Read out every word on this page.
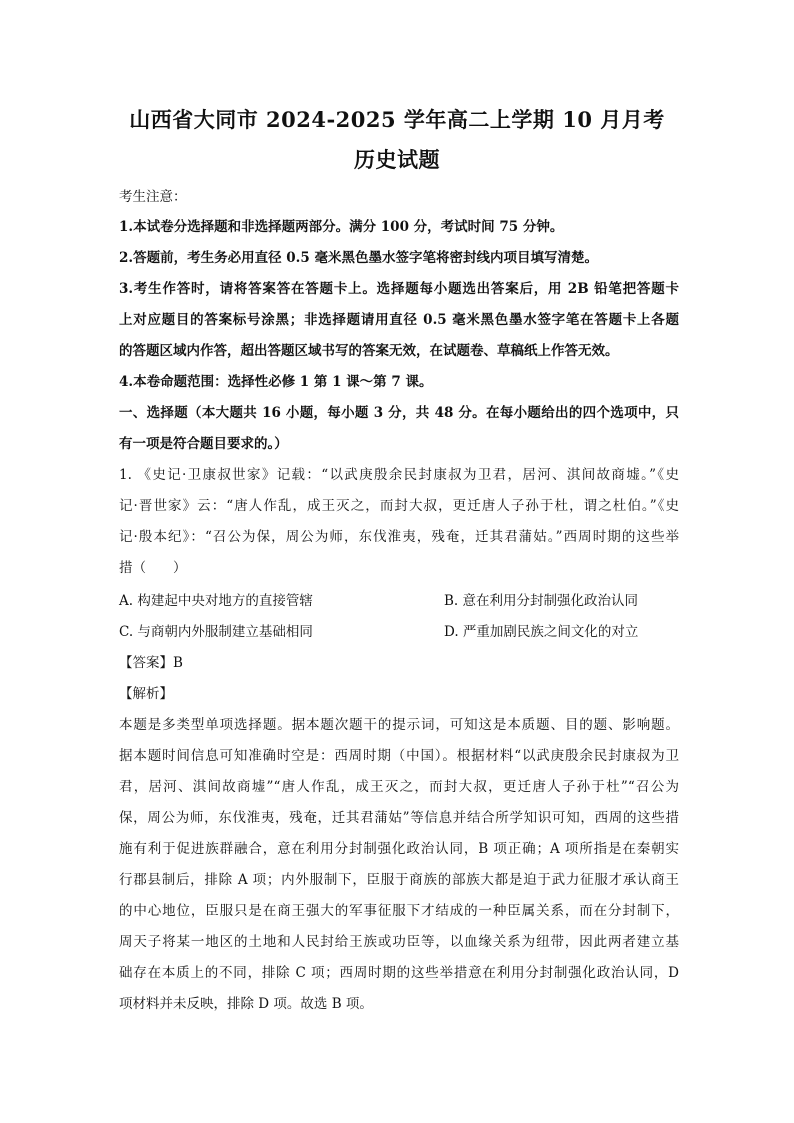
山西省大同市 2024-2025 学年高二上学期 10 月月考
历史试题
考生注意：
1.本试卷分选择题和非选择题两部分。满分 100 分，考试时间 75 分钟。
2.答题前，考生务必用直径 0.5 毫米黑色墨水签字笔将密封线内项目填写清楚。
3.考生作答时，请将答案答在答题卡上。选择题每小题选出答案后，用 2B 铅笔把答题卡
上对应题目的答案标号涂黑；非选择题请用直径 0.5 毫米黑色墨水签字笔在答题卡上各题
的答题区域内作答，超出答题区域书写的答案无效，在试题卷、草稿纸上作答无效。
4.本卷命题范围：选择性必修 1 第 1 课～第 7 课。
一、选择题（本大题共 16 小题，每小题 3 分，共 48 分。在每小题给出的四个选项中，只
有一项是符合题目要求的。）
1. 《史记·卫康叔世家》记载：“以武庚殷余民封康叔为卫君，居河、淇间故商墟。”《史
记·晋世家》云：“唐人作乱，成王灭之，而封大叔，更迁唐人子孙于杜，谓之杜伯。”《史
记·殷本纪》：“召公为保，周公为师，东伐淮夷，残奄，迁其君蒲姑。”西周时期的这些举
措（　　）
A. 构建起中央对地方的直接管辖	B. 意在利用分封制强化政治认同
C. 与商朝内外服制建立基础相同	D. 严重加剧民族之间文化的对立
【答案】B
【解析】
本题是多类型单项选择题。据本题次题干的提示词，可知这是本质题、目的题、影响题。
据本题时间信息可知准确时空是：西周时期（中国）。根据材料“以武庚殷余民封康叔为卫
君，居河、淇间故商墟”“唐人作乱，成王灭之，而封大叔，更迁唐人子孙于杜”“召公为
保，周公为师，东伐淮夷，残奄，迁其君蒲姑”等信息并结合所学知识可知，西周的这些措
施有利于促进族群融合，意在利用分封制强化政治认同，B 项正确；A 项所指是在秦朝实
行郡县制后，排除 A 项；内外服制下，臣服于商族的部族大都是迫于武力征服才承认商王
的中心地位，臣服只是在商王强大的军事征服下才结成的一种臣属关系，而在分封制下，
周天子将某一地区的土地和人民封给王族或功臣等，以血缘关系为纽带，因此两者建立基
础存在本质上的不同，排除 C 项；西周时期的这些举措意在利用分封制强化政治认同，D
项材料并未反映，排除 D 项。故选 B 项。
